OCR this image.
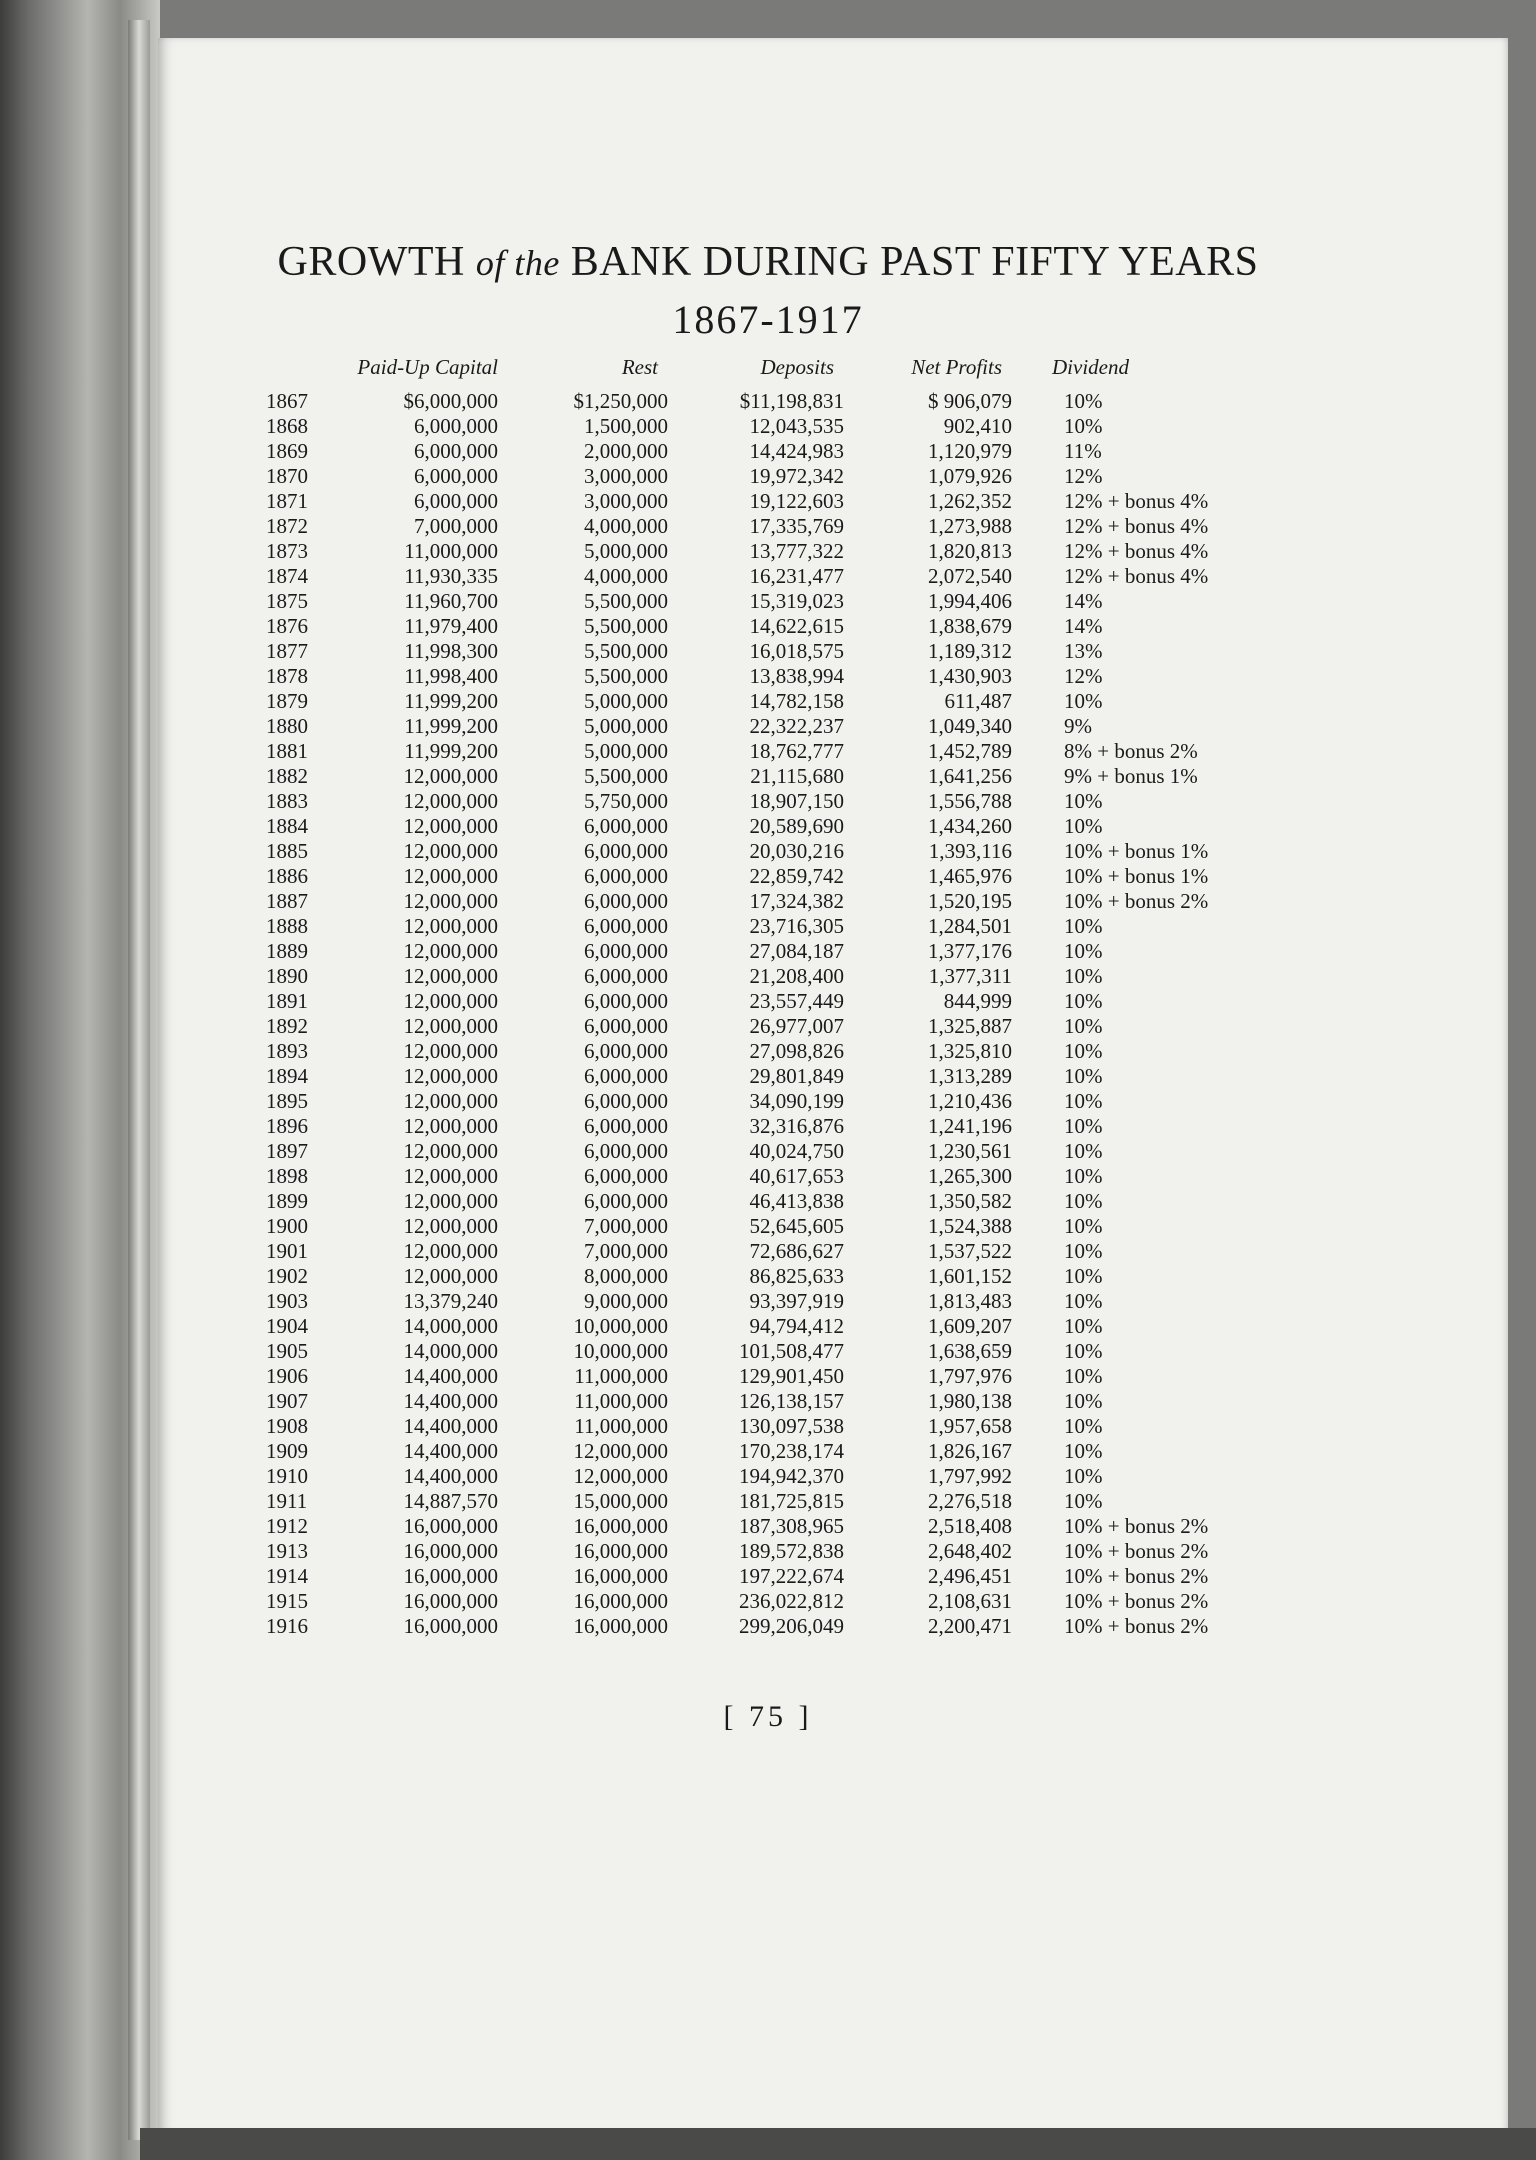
GROWTH of the BANK DURING PAST FIFTY YEARS
1867-1917
	Paid-Up Capital	Rest	Deposits	Net Profits	Dividend
1867	$6,000,000	$1,250,000	$11,198,831	$ 906,079	10%
1868	6,000,000	1,500,000	12,043,535	902,410	10%
1869	6,000,000	2,000,000	14,424,983	1,120,979	11%
1870	6,000,000	3,000,000	19,972,342	1,079,926	12%
1871	6,000,000	3,000,000	19,122,603	1,262,352	12% + bonus 4%
1872	7,000,000	4,000,000	17,335,769	1,273,988	12% + bonus 4%
1873	11,000,000	5,000,000	13,777,322	1,820,813	12% + bonus 4%
1874	11,930,335	4,000,000	16,231,477	2,072,540	12% + bonus 4%
1875	11,960,700	5,500,000	15,319,023	1,994,406	14%
1876	11,979,400	5,500,000	14,622,615	1,838,679	14%
1877	11,998,300	5,500,000	16,018,575	1,189,312	13%
1878	11,998,400	5,500,000	13,838,994	1,430,903	12%
1879	11,999,200	5,000,000	14,782,158	611,487	10%
1880	11,999,200	5,000,000	22,322,237	1,049,340	9%
1881	11,999,200	5,000,000	18,762,777	1,452,789	8% + bonus 2%
1882	12,000,000	5,500,000	21,115,680	1,641,256	9% + bonus 1%
1883	12,000,000	5,750,000	18,907,150	1,556,788	10%
1884	12,000,000	6,000,000	20,589,690	1,434,260	10%
1885	12,000,000	6,000,000	20,030,216	1,393,116	10% + bonus 1%
1886	12,000,000	6,000,000	22,859,742	1,465,976	10% + bonus 1%
1887	12,000,000	6,000,000	17,324,382	1,520,195	10% + bonus 2%
1888	12,000,000	6,000,000	23,716,305	1,284,501	10%
1889	12,000,000	6,000,000	27,084,187	1,377,176	10%
1890	12,000,000	6,000,000	21,208,400	1,377,311	10%
1891	12,000,000	6,000,000	23,557,449	844,999	10%
1892	12,000,000	6,000,000	26,977,007	1,325,887	10%
1893	12,000,000	6,000,000	27,098,826	1,325,810	10%
1894	12,000,000	6,000,000	29,801,849	1,313,289	10%
1895	12,000,000	6,000,000	34,090,199	1,210,436	10%
1896	12,000,000	6,000,000	32,316,876	1,241,196	10%
1897	12,000,000	6,000,000	40,024,750	1,230,561	10%
1898	12,000,000	6,000,000	40,617,653	1,265,300	10%
1899	12,000,000	6,000,000	46,413,838	1,350,582	10%
1900	12,000,000	7,000,000	52,645,605	1,524,388	10%
1901	12,000,000	7,000,000	72,686,627	1,537,522	10%
1902	12,000,000	8,000,000	86,825,633	1,601,152	10%
1903	13,379,240	9,000,000	93,397,919	1,813,483	10%
1904	14,000,000	10,000,000	94,794,412	1,609,207	10%
1905	14,000,000	10,000,000	101,508,477	1,638,659	10%
1906	14,400,000	11,000,000	129,901,450	1,797,976	10%
1907	14,400,000	11,000,000	126,138,157	1,980,138	10%
1908	14,400,000	11,000,000	130,097,538	1,957,658	10%
1909	14,400,000	12,000,000	170,238,174	1,826,167	10%
1910	14,400,000	12,000,000	194,942,370	1,797,992	10%
1911	14,887,570	15,000,000	181,725,815	2,276,518	10%
1912	16,000,000	16,000,000	187,308,965	2,518,408	10% + bonus 2%
1913	16,000,000	16,000,000	189,572,838	2,648,402	10% + bonus 2%
1914	16,000,000	16,000,000	197,222,674	2,496,451	10% + bonus 2%
1915	16,000,000	16,000,000	236,022,812	2,108,631	10% + bonus 2%
1916	16,000,000	16,000,000	299,206,049	2,200,471	10% + bonus 2%
[ 75 ]
